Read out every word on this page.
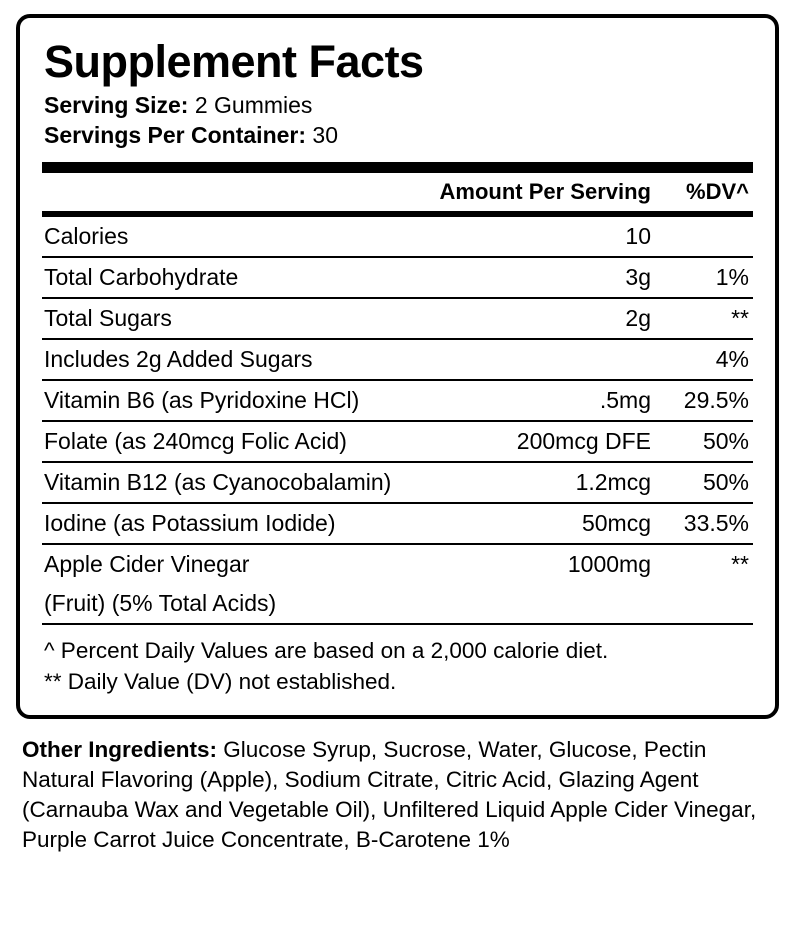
Supplement Facts
Serving Size: 2 Gummies
Servings Per Container: 30
	Amount Per Serving	%DV^
Calories	10	
Total Carbohydrate	3g	1%
Total Sugars	2g	**
Includes 2g Added Sugars		4%
Vitamin B6 (as Pyridoxine HCl)	.5mg	29.5%
Folate (as 240mcg Folic Acid)	200mcg DFE	50%
Vitamin B12 (as Cyanocobalamin)	1.2mcg	50%
Iodine (as Potassium Iodide)	50mcg	33.5%
Apple Cider Vinegar	1000mg	**
(Fruit) (5% Total Acids)		
^ Percent Daily Values are based on a 2,000 calorie diet.
** Daily Value (DV) not established.
Other Ingredients: Glucose Syrup, Sucrose, Water, Glucose, Pectin Natural Flavoring (Apple), Sodium Citrate, Citric Acid, Glazing Agent (Carnauba Wax and Vegetable Oil), Unfiltered Liquid Apple Cider Vinegar, Purple Carrot Juice Concentrate, B-Carotene 1%
